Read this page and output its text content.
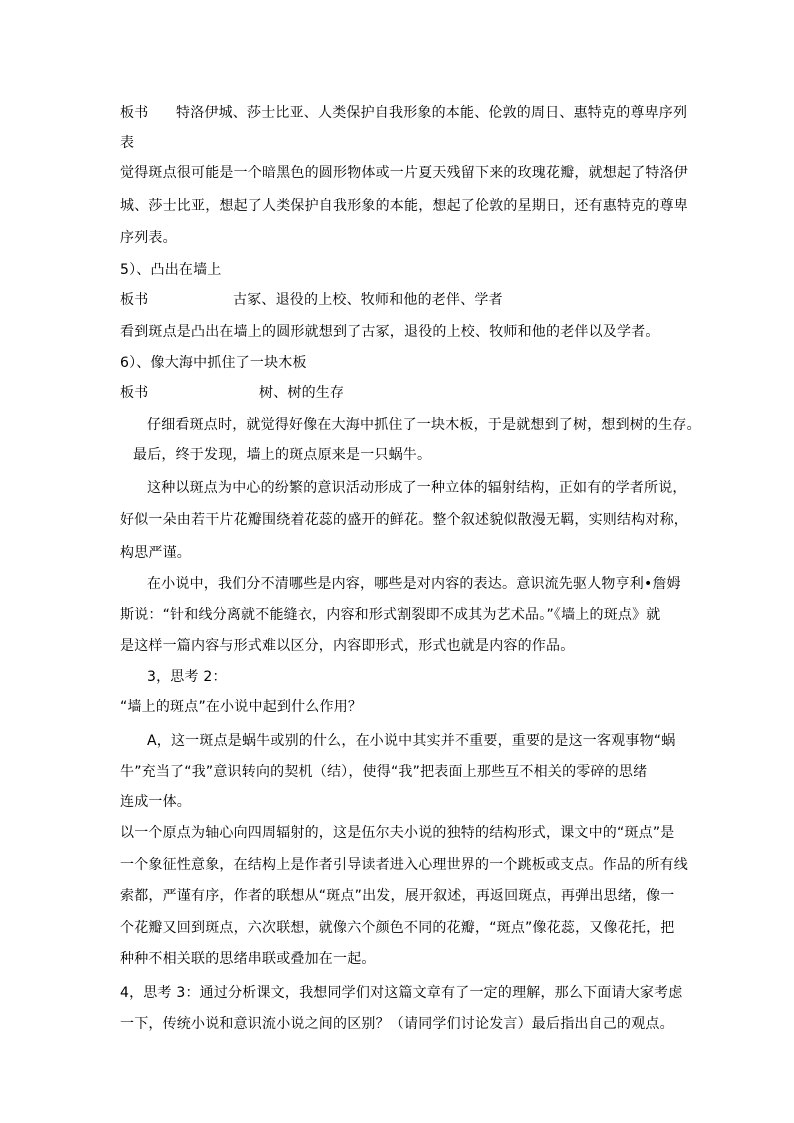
板书 特洛伊城、莎士比亚、人类保护自我形象的本能、伦敦的周日、惠特克的尊卑序列
表
觉得斑点很可能是一个暗黑色的圆形物体或一片夏天残留下来的玫瑰花瓣，就想起了特洛伊
城、莎士比亚，想起了人类保护自我形象的本能，想起了伦敦的星期日，还有惠特克的尊卑
序列表。
5）、凸出在墙上
板书	古冢、退役的上校、牧师和他的老伴、学者
看到斑点是凸出在墙上的圆形就想到了古冢，退役的上校、牧师和他的老伴以及学者。
6）、像大海中抓住了一块木板
板书	树、树的生存
仔细看斑点时，就觉得好像在大海中抓住了一块木板，于是就想到了树，想到树的生存。
最后，终于发现，墙上的斑点原来是一只蜗牛。
这种以斑点为中心的纷繁的意识活动形成了一种立体的辐射结构，正如有的学者所说，
好似一朵由若干片花瓣围绕着花蕊的盛开的鲜花。整个叙述貌似散漫无羁，实则结构对称，
构思严谨。
在小说中，我们分不清哪些是内容，哪些是对内容的表达。意识流先驱人物亨利•詹姆
斯说：“针和线分离就不能缝衣，内容和形式割裂即不成其为艺术品。”《墙上的斑点》就
是这样一篇内容与形式难以区分，内容即形式，形式也就是内容的作品。
3，思考 2：
“墙上的斑点”在小说中起到什么作用？
A，这一斑点是蜗牛或别的什么，在小说中其实并不重要，重要的是这一客观事物“蜗
牛”充当了“我”意识转向的契机（结），使得“我”把表面上那些互不相关的零碎的思绪
连成一体。
以一个原点为轴心向四周辐射的，这是伍尔夫小说的独特的结构形式，课文中的“斑点”是
一个象征性意象，在结构上是作者引导读者进入心理世界的一个跳板或支点。作品的所有线
索都，严谨有序，作者的联想从“斑点”出发，展开叙述，再返回斑点，再弹出思绪，像一
个花瓣又回到斑点，六次联想，就像六个颜色不同的花瓣，“斑点”像花蕊，又像花托，把
种种不相关联的思绪串联或叠加在一起。
4，思考 3：通过分析课文，我想同学们对这篇文章有了一定的理解，那么下面请大家考虑
一下，传统小说和意识流小说之间的区别？（请同学们讨论发言）最后指出自己的观点。
